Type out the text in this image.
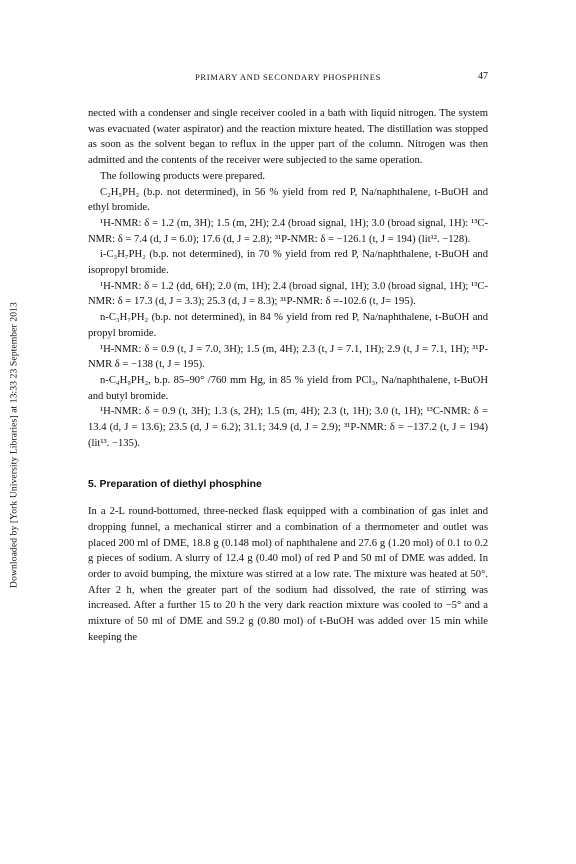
Downloaded by [York University Libraries] at 13:33 23 September 2013
PRIMARY AND SECONDARY PHOSPHINES	47

nected with a condenser and single receiver cooled in a bath with liquid nitrogen. The system was evacuated (water aspirator) and the reaction mixture heated. The distillation was stopped as soon as the solvent began to reflux in the upper part of the column. Nitrogen was then admitted and the contents of the receiver were subjected to the same operation.

The following products were prepared.

C₂H₅PH₂ (b.p. not determined), in 56 % yield from red P, Na/naphthalene, t-BuOH and ethyl bromide.

¹H-NMR: δ = 1.2 (m, 3H); 1.5 (m, 2H); 2.4 (broad signal, 1H); 3.0 (broad signal, 1H): ¹³C-NMR: δ = 7.4 (d, J = 6.0); 17.6 (d, J = 2.8); ³¹P-NMR: δ = −126.1 (t, J = 194) (lit¹². −128).

i-C₃H₇PH₂ (b.p. not determined), in 70 % yield from red P, Na/naphthalene, t-BuOH and isopropyl bromide.

¹H-NMR: δ = 1.2 (dd, 6H); 2.0 (m, 1H); 2.4 (broad signal, 1H); 3.0 (broad signal, 1H); ¹³C-NMR: δ = 17.3 (d, J = 3.3); 25.3 (d, J = 8.3); ³¹P-NMR: δ =-102.6 (t, J= 195).

n-C₃H₇PH₂ (b.p. not determined), in 84 % yield from red P, Na/naphthalene, t-BuOH and propyl bromide.

¹H-NMR: δ = 0.9 (t, J = 7.0, 3H); 1.5 (m, 4H); 2.3 (t, J = 7.1, 1H); 2.9 (t, J = 7.1, 1H); ³¹P-NMR δ = −138 (t, J = 195).

n-C₄H₉PH₂, b.p. 85–90° /760 mm Hg, in 85 % yield from PCl₃, Na/naphthalene, t-BuOH and butyl bromide.

¹H-NMR: δ = 0.9 (t, 3H); 1.3 (s, 2H); 1.5 (m, 4H); 2.3 (t, 1H); 3.0 (t, 1H); ¹³C-NMR: δ = 13.4 (d, J = 13.6); 23.5 (d, J = 6.2); 31.1; 34.9 (d, J = 2.9); ³¹P-NMR: δ = −137.2 (t, J = 194) (lit¹³. −135).

5. Preparation of diethyl phosphine

In a 2-L round-bottomed, three-necked flask equipped with a combination of gas inlet and dropping funnel, a mechanical stirrer and a combination of a thermometer and outlet was placed 200 ml of DME, 18.8 g (0.148 mol) of naphthalene and 27.6 g (1.20 mol) of 0.1 to 0.2 g pieces of sodium. A slurry of 12.4 g (0.40 mol) of red P and 50 ml of DME was added. In order to avoid bumping, the mixture was stirred at a low rate. The mixture was heated at 50°. After 2 h, when the greater part of the sodium had dissolved, the rate of stirring was increased. After a further 15 to 20 h the very dark reaction mixture was cooled to −5° and a mixture of 50 ml of DME and 59.2 g (0.80 mol) of t-BuOH was added over 15 min while keeping the
